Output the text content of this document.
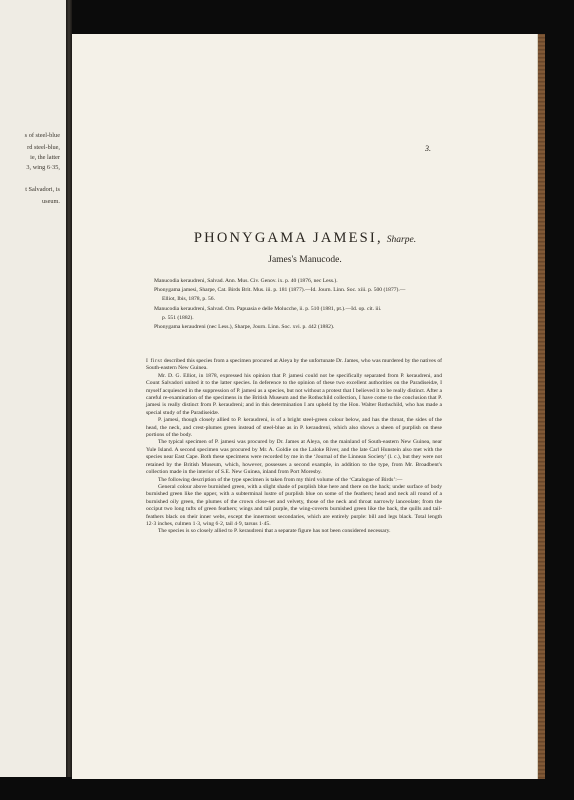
s of steel-blue
rd steel-blue,
ie, the latter
3, wing 6·35,
t Salvadori, is
useum.
3.
PHONYGAMA JAMESI, Sharpe.
James's Manucode.
Manucodia keraudreni, Salvad. Ann. Mus. Civ. Genov. ix. p. 40 (1876, nec Less.).
Phonygama jamesi, Sharpe, Cat. Birds Brit. Mus. iii. p. 181 (1877).—Id. Journ. Linn. Soc. xiii. p. 500 (1877).—
Elliot, Ibis, 1878, p. 56.
Manucodia keraudreni, Salvad. Orn. Papuasia e delle Molucche, ii. p. 510 (1881, pt.).—Id. op. cit. iii.
p. 551 (1882).
Phonygama keraudreni (nec Less.), Sharpe, Journ. Linn. Soc. xvi. p. 442 (1882).

I first described this species from a specimen procured at Aleya by the unfortunate Dr. James, who was murdered by the natives of South-eastern New Guinea.

Mr. D. G. Elliot, in 1878, expressed his opinion that P. jamesi could not be specifically separated from P. keraudreni, and Count Salvadori united it to the latter species. In deference to the opinion of these two excellent authorities on the Paradiseidæ, I myself acquiesced in the suppression of P. jamesi as a species, but not without a protest that I believed it to be really distinct. After a careful re-examination of the specimens in the British Museum and the Rothschild collection, I have come to the conclusion that P. jamesi is really distinct from P. keraudreni; and in this determination I am upheld by the Hon. Walter Rothschild, who has made a special study of the Paradiseidæ.

P. jamesi, though closely allied to P. keraudreni, is of a bright steel-green colour below, and has the throat, the sides of the head, the neck, and crest-plumes green instead of steel-blue as in P. keraudreni, which also shows a sheen of purplish on these portions of the body.

The typical specimen of P. jamesi was procured by Dr. James at Aleya, on the mainland of South-eastern New Guinea, near Yule Island. A second specimen was procured by Mr. A. Goldie on the Laloke River, and the late Carl Hunstein also met with the species near East Cape. Both these specimens were recorded by me in the ‘Journal of the Linnean Society’ (l. c.), but they were not retained by the British Museum, which, however, possesses a second example, in addition to the type, from Mr. Broadbent's collection made in the interior of S.E. New Guinea, inland from Port Moresby.

The following description of the type specimen is taken from my third volume of the ‘Catalogue of Birds’:—

General colour above burnished green, with a slight shade of purplish blue here and there on the back; under surface of body burnished green like the upper, with a subterminal lustre of purplish blue on some of the feathers; head and neck all round of a burnished oily green, the plumes of the crown close-set and velvety, those of the neck and throat narrowly lanceolate; from the occiput two long tufts of green feathers; wings and tail purple, the wing-coverts burnished green like the back, the quills and tail-feathers black on their inner webs, except the innermost secondaries, which are entirely purple: bill and legs black. Total length 12·3 inches, culmen 1·3, wing 6·2, tail 4·9, tarsus 1·45.

The species is so closely allied to P. keraudreni that a separate figure has not been considered necessary.
